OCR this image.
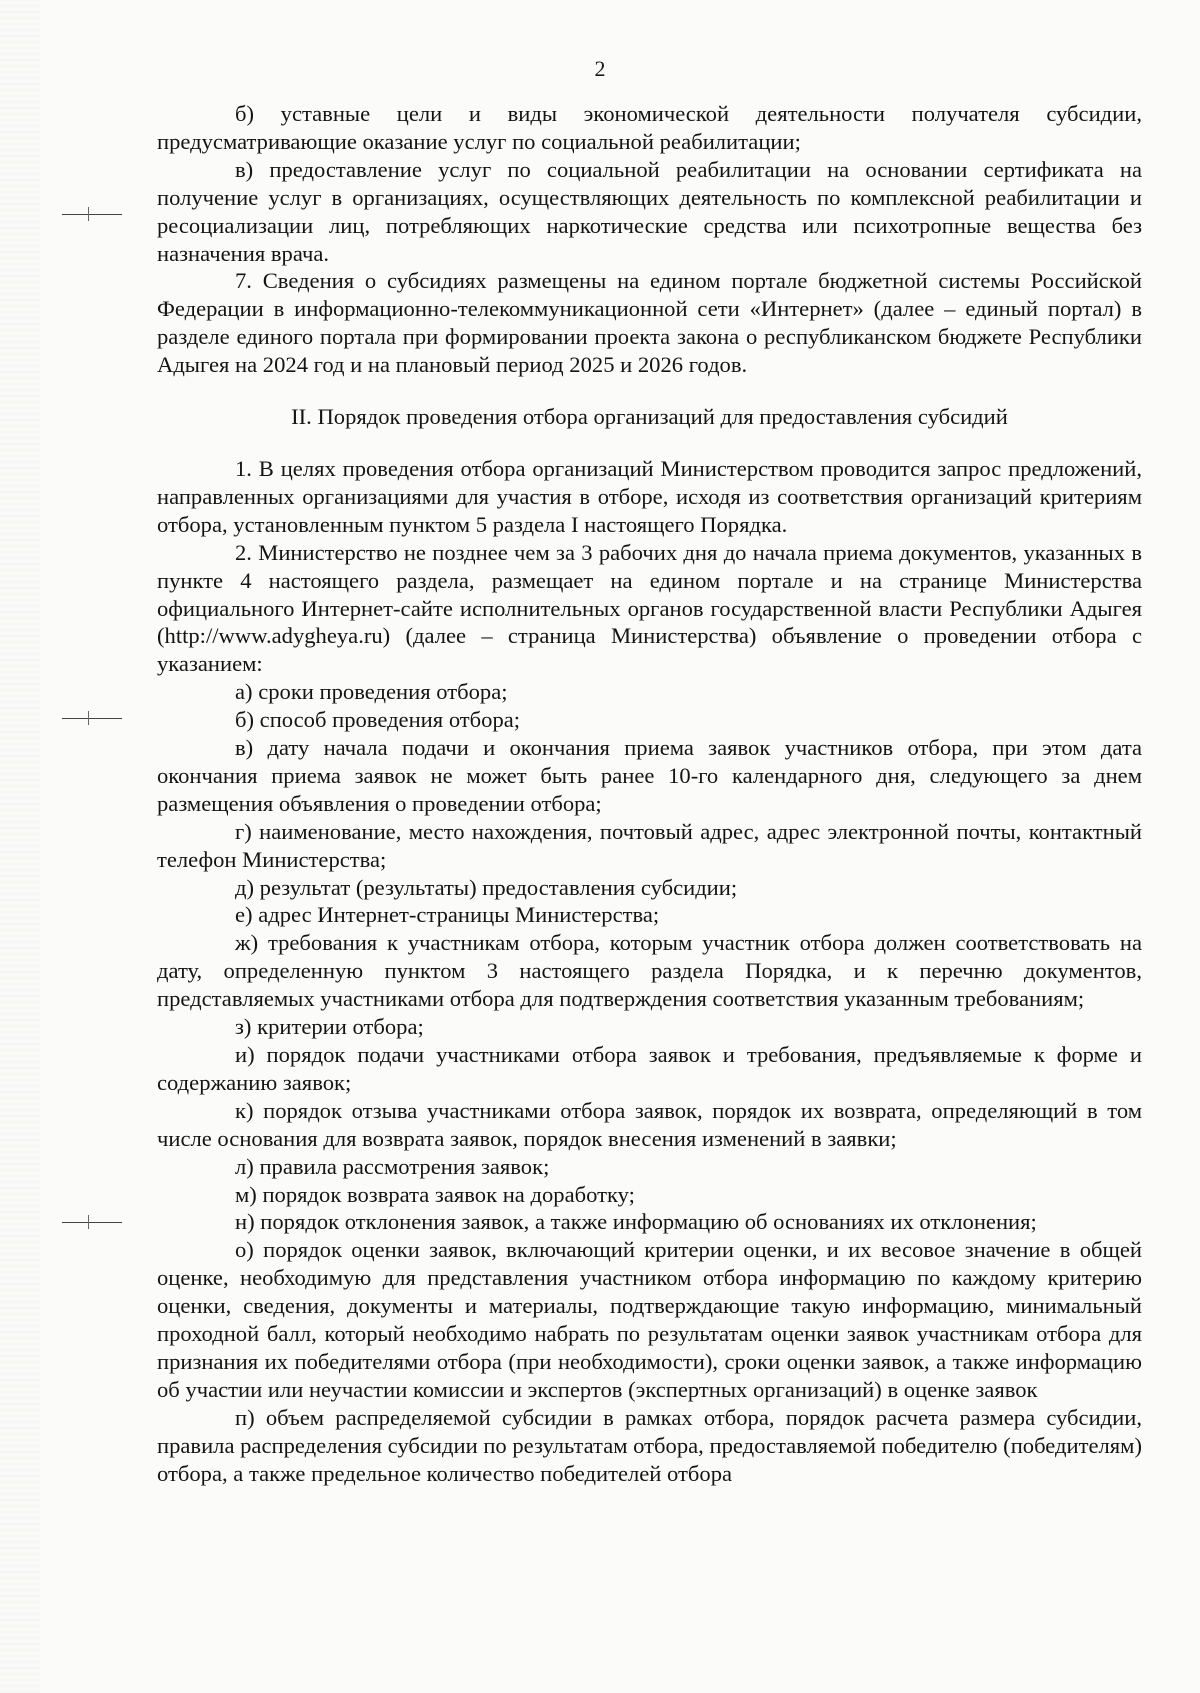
2

б) уставные цели и виды экономической деятельности получателя субсидии, предусматривающие оказание услуг по социальной реабилитации;

в) предоставление услуг по социальной реабилитации на основании сертификата на получение услуг в организациях, осуществляющих деятельность по комплексной реабилитации и ресоциализации лиц, потребляющих наркотические средства или психотропные вещества без назначения врача.

7. Сведения о субсидиях размещены на едином портале бюджетной системы Российской Федерации в информационно-телекоммуникационной сети «Интернет» (далее – единый портал) в разделе единого портала при формировании проекта закона о республиканском бюджете Республики Адыгея на 2024 год и на плановый период 2025 и 2026 годов.

II. Порядок проведения отбора организаций для предоставления субсидий

1. В целях проведения отбора организаций Министерством проводится запрос предложений, направленных организациями для участия в отборе, исходя из соответствия организаций критериям отбора, установленным пунктом 5 раздела I настоящего Порядка.

2. Министерство не позднее чем за 3 рабочих дня до начала приема документов, указанных в пункте 4 настоящего раздела, размещает на едином портале и на странице Министерства официального Интернет-сайте исполнительных органов государственной власти Республики Адыгея (http://www.adygheya.ru) (далее – страница Министерства) объявление о проведении отбора с указанием:

а) сроки проведения отбора;

б) способ проведения отбора;

в) дату начала подачи и окончания приема заявок участников отбора, при этом дата окончания приема заявок не может быть ранее 10-го календарного дня, следующего за днем размещения объявления о проведении отбора;

г) наименование, место нахождения, почтовый адрес, адрес электронной почты, контактный телефон Министерства;

д) результат (результаты) предоставления субсидии;

е) адрес Интернет-страницы Министерства;

ж) требования к участникам отбора, которым участник отбора должен соответствовать на дату, определенную пунктом 3 настоящего раздела Порядка, и к перечню документов, представляемых участниками отбора для подтверждения соответствия указанным требованиям;

з) критерии отбора;

и) порядок подачи участниками отбора заявок и требования, предъявляемые к форме и содержанию заявок;

к) порядок отзыва участниками отбора заявок, порядок их возврата, определяющий в том числе основания для возврата заявок, порядок внесения изменений в заявки;

л) правила рассмотрения заявок;

м) порядок возврата заявок на доработку;

н) порядок отклонения заявок, а также информацию об основаниях их отклонения;

о) порядок оценки заявок, включающий критерии оценки, и их весовое значение в общей оценке, необходимую для представления участником отбора информацию по каждому критерию оценки, сведения, документы и материалы, подтверждающие такую информацию, минимальный проходной балл, который необходимо набрать по результатам оценки заявок участникам отбора для признания их победителями отбора (при необходимости), сроки оценки заявок, а также информацию об участии или неучастии комиссии и экспертов (экспертных организаций) в оценке заявок

п) объем распределяемой субсидии в рамках отбора, порядок расчета размера субсидии, правила распределения субсидии по результатам отбора, предоставляемой победителю (победителям) отбора, а также предельное количество победителей отбора
